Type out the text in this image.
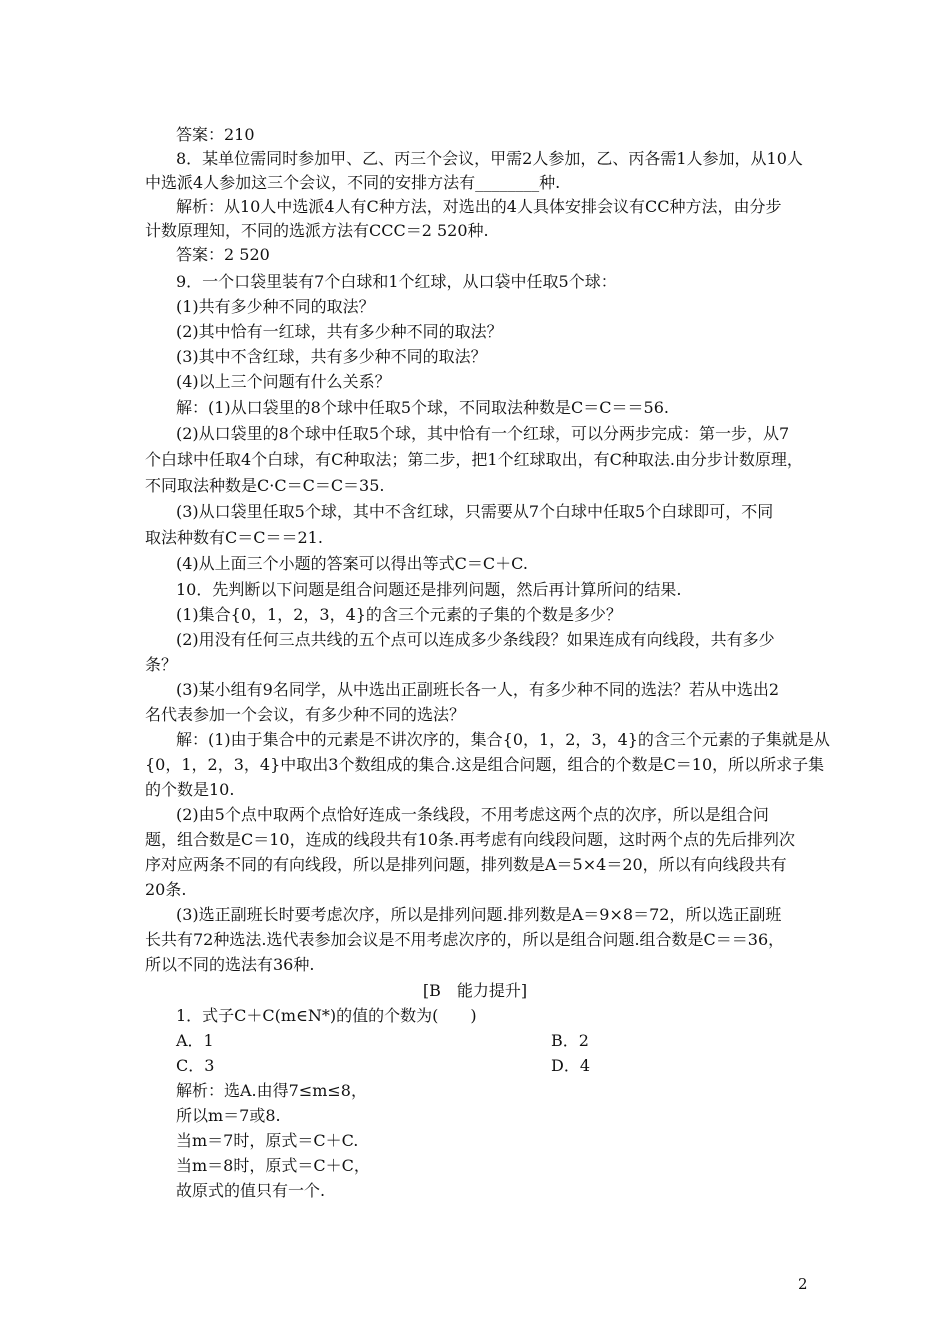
答案：210
8．某单位需同时参加甲、乙、丙三个会议，甲需2人参加，乙、丙各需1人参加，从10人
中选派4人参加这三个会议，不同的安排方法有________种.
解析：从10人中选派4人有C种方法，对选出的4人具体安排会议有CC种方法，由分步
计数原理知，不同的选派方法有CCC＝2 520种.
答案：2 520
9．一个口袋里装有7个白球和1个红球，从口袋中任取5个球：
(1)共有多少种不同的取法？
(2)其中恰有一红球，共有多少种不同的取法？
(3)其中不含红球，共有多少种不同的取法？
(4)以上三个问题有什么关系？
解：(1)从口袋里的8个球中任取5个球，不同取法种数是C＝C＝＝56.
(2)从口袋里的8个球中任取5个球，其中恰有一个红球，可以分两步完成：第一步，从7
个白球中任取4个白球，有C种取法；第二步，把1个红球取出，有C种取法.由分步计数原理，
不同取法种数是C·C＝C＝C＝35.
(3)从口袋里任取5个球，其中不含红球，只需要从7个白球中任取5个白球即可，不同
取法种数有C＝C＝＝21.
(4)从上面三个小题的答案可以得出等式C＝C＋C.
10．先判断以下问题是组合问题还是排列问题，然后再计算所问的结果.
(1)集合{0，1，2，3，4}的含三个元素的子集的个数是多少？
(2)用没有任何三点共线的五个点可以连成多少条线段？如果连成有向线段，共有多少
条？
(3)某小组有9名同学，从中选出正副班长各一人，有多少种不同的选法？若从中选出2
名代表参加一个会议，有多少种不同的选法？
解：(1)由于集合中的元素是不讲次序的，集合{0，1，2，3，4}的含三个元素的子集就是从
{0，1，2，3，4}中取出3个数组成的集合.这是组合问题，组合的个数是C＝10，所以所求子集
的个数是10.
(2)由5个点中取两个点恰好连成一条线段，不用考虑这两个点的次序，所以是组合问
题，组合数是C＝10，连成的线段共有10条.再考虑有向线段问题，这时两个点的先后排列次
序对应两条不同的有向线段，所以是排列问题，排列数是A＝5×4＝20，所以有向线段共有
20条.
(3)选正副班长时要考虑次序，所以是排列问题.排列数是A＝9×8＝72，所以选正副班
长共有72种选法.选代表参加会议是不用考虑次序的，所以是组合问题.组合数是C＝＝36，
所以不同的选法有36种.
[B　能力提升]
1．式子C＋C(m∈N*)的值的个数为(　　)
A．1	B．2
C．3	D．4
解析：选A.由得7≤m≤8，
所以m＝7或8.
当m＝7时，原式＝C＋C.
当m＝8时，原式＝C＋C，
故原式的值只有一个.
2
